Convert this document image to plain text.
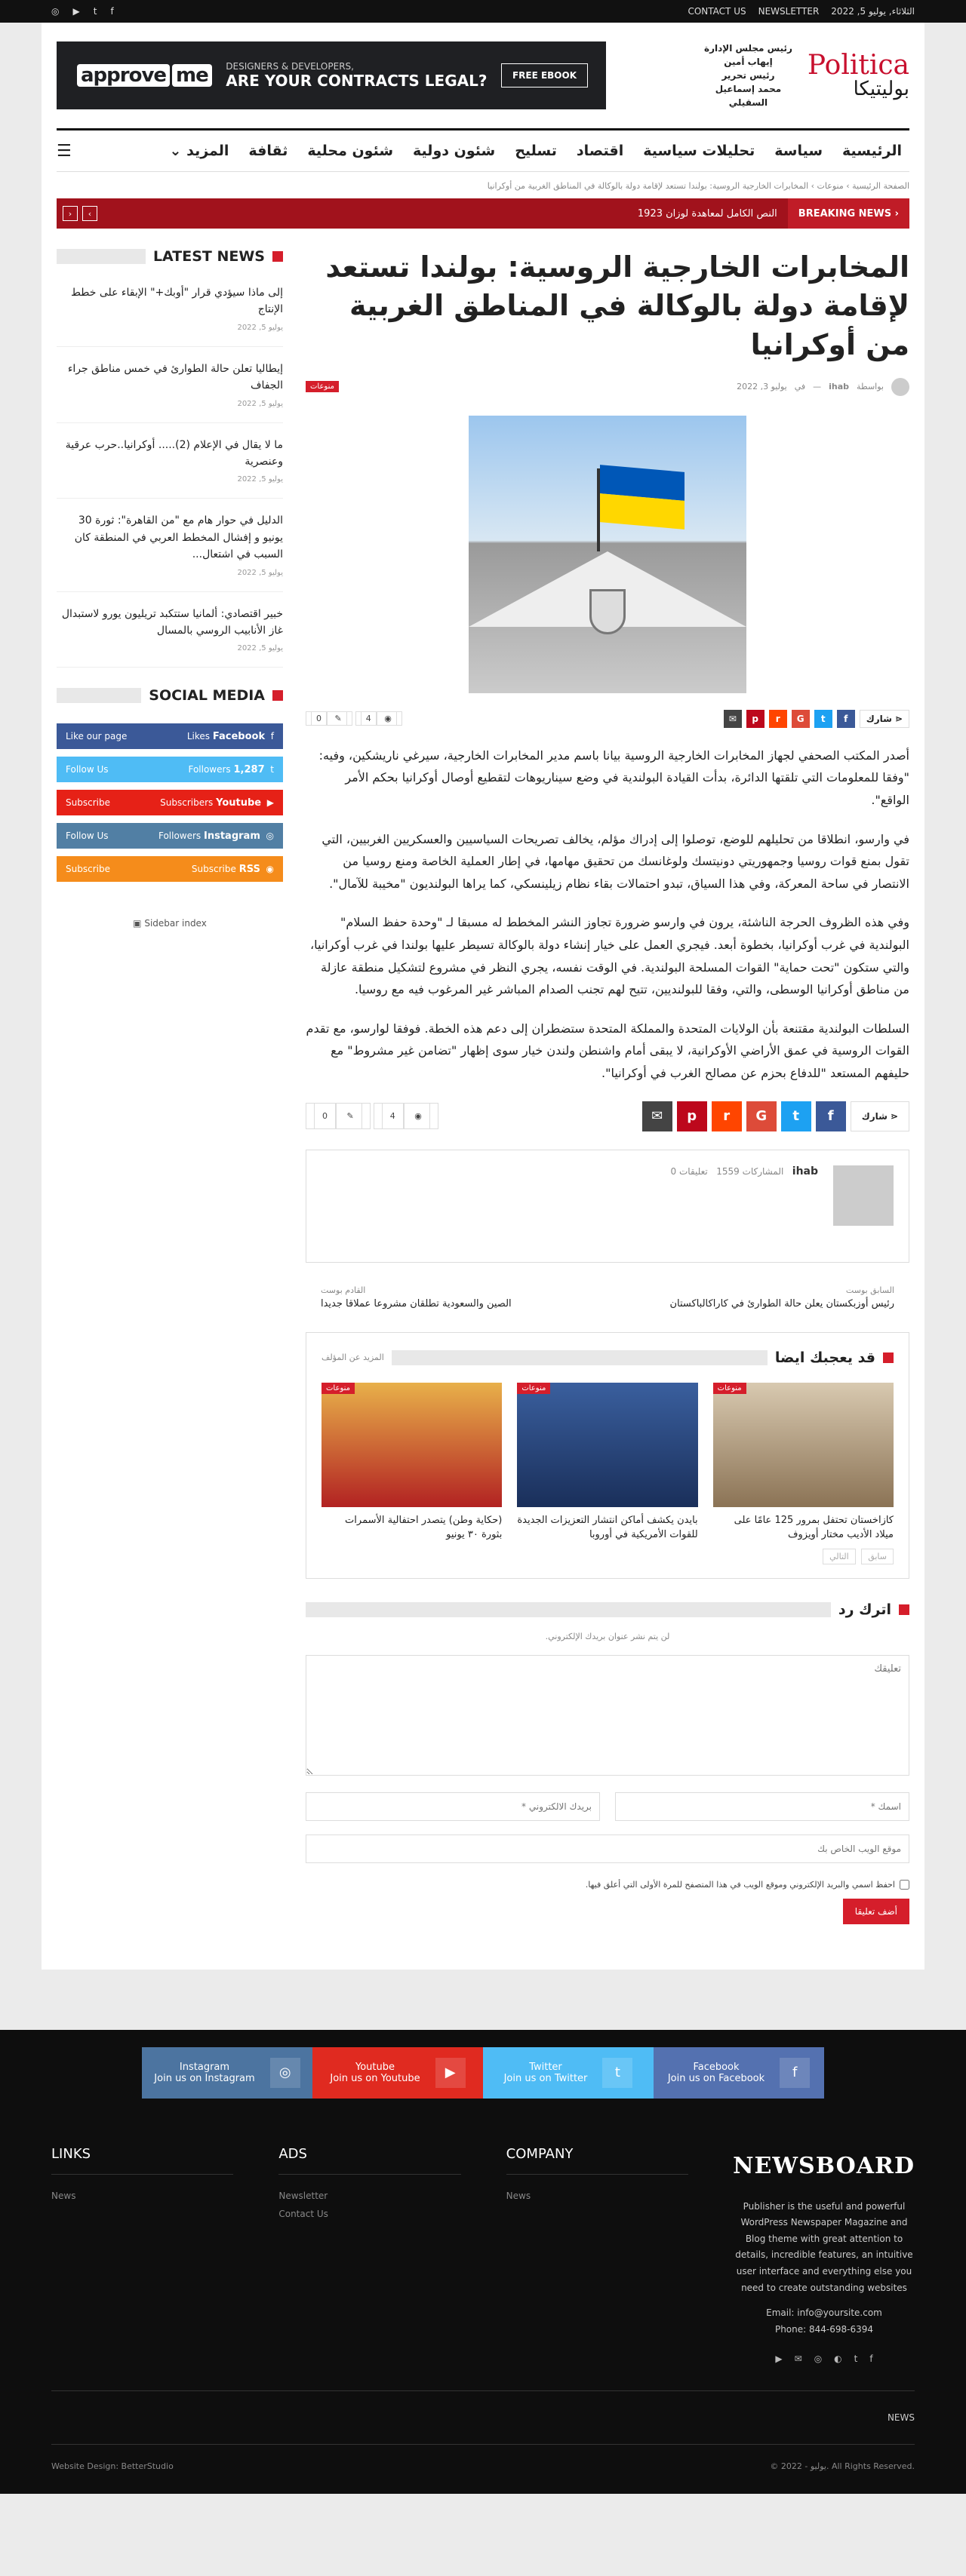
◎ ▶ t f	الثلاثاء, يوليو 5, 2022
NEWSLETTER
CONTACT US
approve me	DESIGNERS & DEVELOPERS,
ARE YOUR CONTRACTS LEGAL?	FREE EBOOK	Politica
بوليتيكا
رئيس مجلس الإدارة
إيهاب أمين
رئيس تحرير
محمد إسماعيل السقيلي
الرئيسية
سياسة
تحليلات سياسية
اقتصاد
تسليح
شئون دولية
شئون محلية
ثقافة
المزيد ⌄
☰
الصفحة الرئيسية › منوعات › المخابرات الخارجية الروسية: بولندا تستعد لإقامة دولة بالوكالة في المناطق الغربية من أوكرانيا
‹
BREAKING NEWS
النص الكامل لمعاهدة لوزان 1923
›
‹
المخابرات الخارجية الروسية: بولندا تستعد لإقامة دولة بالوكالة في المناطق الغربية من أوكرانيا
بواسطة
ihab
—
في
يوليو 3, 2022
منوعات
⋖
شارك
f
t
G
r
p
✉
◉ 4
✎ 0

أصدر المكتب الصحفي لجهاز المخابرات الخارجية الروسية بيانا باسم مدير المخابرات الخارجية، سيرغي ناريشكين، وفيه: "وفقا للمعلومات التي تلقتها الدائرة، بدأت القيادة البولندية في وضع سيناريوهات لتقطيع أوصال أوكرانيا بحكم الأمر الواقع".

في وارسو، انطلاقا من تحليلهم للوضع، توصلوا إلى إدراك مؤلم، يخالف تصريحات السياسيين والعسكريين الغربيين، التي تقول بمنع قوات روسيا وجمهوريتي دونيتسك ولوغانسك من تحقيق مهامها، في إطار العملية الخاصة ومنع روسيا من الانتصار في ساحة المعركة، وفي هذا السياق، تبدو احتمالات بقاء نظام زيلينسكي، كما يراها البولنديون "مخيبة للآمال".

وفي هذه الظروف الحرجة الناشئة، يرون في وارسو ضرورة تجاوز النشر المخطط له مسبقا لـ "وحدة حفظ السلام" البولندية في غرب أوكرانيا، بخطوة أبعد. فيجري العمل على خيار إنشاء دولة بالوكالة تسيطر عليها بولندا في غرب أوكرانيا، والتي ستكون "تحت حماية" القوات المسلحة البولندية. في الوقت نفسه، يجري النظر في مشروع لتشكيل منطقة عازلة من مناطق أوكرانيا الوسطى، والتي، وفقا للبولنديين، تتيح لهم تجنب الصدام المباشر غير المرغوب فيه مع روسيا.

السلطات البولندية مقتنعة بأن الولايات المتحدة والمملكة المتحدة ستضطران إلى دعم هذه الخطة. فوفقا لوارسو، مع تقدم القوات الروسية في عمق الأراضي الأوكرانية، لا يبقى أمام واشنطن ولندن خيار سوى إظهار "تضامن غير مشروط" مع حليفهم المستعد "للدفاع بحزم عن مصالح الغرب في أوكرانيا".

⋖
شارك
f
t
G
r
p
✉
◉ 4
✎ 0
ihab   المشاركات 1559   تعليقات 0
السابق بوست
رئيس أوزبكستان يعلن حالة الطوارئ في كاراكالباكستان
القادم بوست
الصين والسعودية تطلقان مشروعا عملاقا جديدا
قد يعجبك ايضا
المزيد عن المؤلف
منوعات

كازاخستان تحتفل بمرور 125 عامًا على ميلاد الأديب مختار أويزوف

منوعات

بايدن يكشف أماكن انتشار التعزيزات الجديدة للقوات الأمريكية في أوروبا

منوعات

(حكاية وطن) يتصدر احتفالية الأسمرات بثورة ٣٠ يونيو

سابق التالي
اترك رد
لن يتم نشر عنوان بريدك الإلكتروني.
تعليقك
اسمك *
بريدك الالكتروني *
موقع الويب الخاص بك
احفظ اسمي والبريد الإلكتروني وموقع الويب في هذا المتصفح للمرة الأولى التي أعلق فيها.
أضف تعليقا
LATEST NEWS
إلى ماذا سيؤدي قرار "أوبك+" الإبقاء على خطط الإنتاج
يوليو 5, 2022
إيطاليا تعلن حالة الطوارئ في خمس مناطق جراء الجفاف
يوليو 5, 2022
ما لا يقال في الإعلام (2)..... أوكرانيا..حرب عرقية وعنصرية
يوليو 5, 2022
الدليل في حوار هام مع "من القاهرة": ثورة 30 يونيو و إفشال المخطط العربي في المنطقة كان السبب في اشتعال...
يوليو 5, 2022
خبير اقتصادي: ألمانيا ستتكبد تريليون يورو لاستبدال غاز الأنابيب الروسي بالمسال
يوليو 5, 2022
SOCIAL MEDIA
Like our page	Likes Facebook f
Follow Us	Followers 1,287 t
Subscribe	Subscribers Youtube ▶
Follow Us	Followers Instagram ◎
Subscribe	Subscribe RSS ◉
▣ Sidebar index
Instagram
Join us on Instagram	◎	Youtube
Join us on Youtube	▶	Twitter
Join us on Twitter	t	Facebook
Join us on Facebook	f
NEWSBOARD

Publisher is the useful and powerful WordPress Newspaper Magazine and Blog theme with great attention to details, incredible features, an intuitive user interface and everything else you need to create outstanding websites

Email: info@yoursite.com

Phone: 844-698-6394

f
t
◐
◎
✉
▶
COMPANY
News
ADS
Newsletter
Contact Us
LINKS
News
NEWS
Website Design: BetterStudio	© 2022 - يوليو. All Rights Reserved.
